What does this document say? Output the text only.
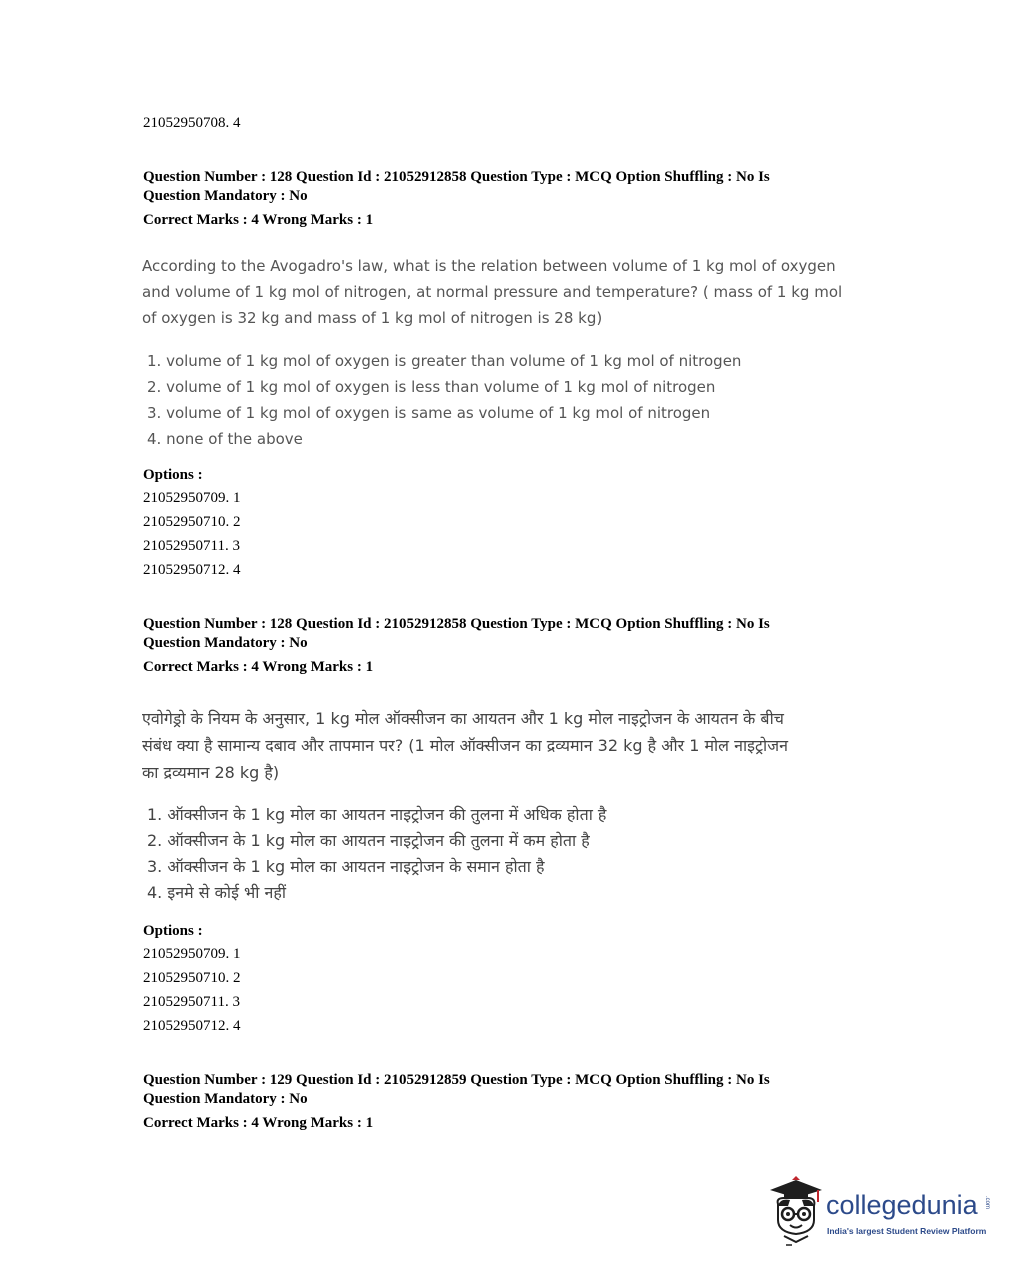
21052950708. 4
Question Number : 128 Question Id : 21052912858 Question Type : MCQ Option Shuffling : No Is
Question Mandatory : No
Correct Marks : 4 Wrong Marks : 1
According to the Avogadro's law, what is the relation between volume of 1 kg mol of oxygen
and volume of 1 kg mol of nitrogen, at normal pressure and temperature? ( mass of 1 kg mol
of oxygen is 32 kg and mass of 1 kg mol of nitrogen is 28 kg)
1. volume of 1 kg mol of oxygen is greater than volume of 1 kg mol of nitrogen
2. volume of 1 kg mol of oxygen is less than volume of 1 kg mol of nitrogen
3. volume of 1 kg mol of oxygen is same as volume of 1 kg mol of nitrogen
4. none of the above
Options :
21052950709. 1
21052950710. 2
21052950711. 3
21052950712. 4
Question Number : 128 Question Id : 21052912858 Question Type : MCQ Option Shuffling : No Is
Question Mandatory : No
Correct Marks : 4 Wrong Marks : 1
एवोगेड्रो के नियम के अनुसार, 1 kg मोल ऑक्सीजन का आयतन और 1 kg मोल नाइट्रोजन के आयतन के बीच
संबंध क्या है सामान्य दबाव और तापमान पर? (1 मोल ऑक्सीजन का द्रव्यमान 32 kg है और 1 मोल नाइट्रोजन
का द्रव्यमान 28 kg है)
1. ऑक्सीजन के 1 kg मोल का आयतन नाइट्रोजन की तुलना में अधिक होता है
2. ऑक्सीजन के 1 kg मोल का आयतन नाइट्रोजन की तुलना में कम होता है
3. ऑक्सीजन के 1 kg मोल का आयतन नाइट्रोजन के समान होता है
4. इनमे से कोई भी नहीं
Options :
21052950709. 1
21052950710. 2
21052950711. 3
21052950712. 4
Question Number : 129 Question Id : 21052912859 Question Type : MCQ Option Shuffling : No Is
Question Mandatory : No
Correct Marks : 4 Wrong Marks : 1
collegedunia .com
India's largest Student Review Platform
